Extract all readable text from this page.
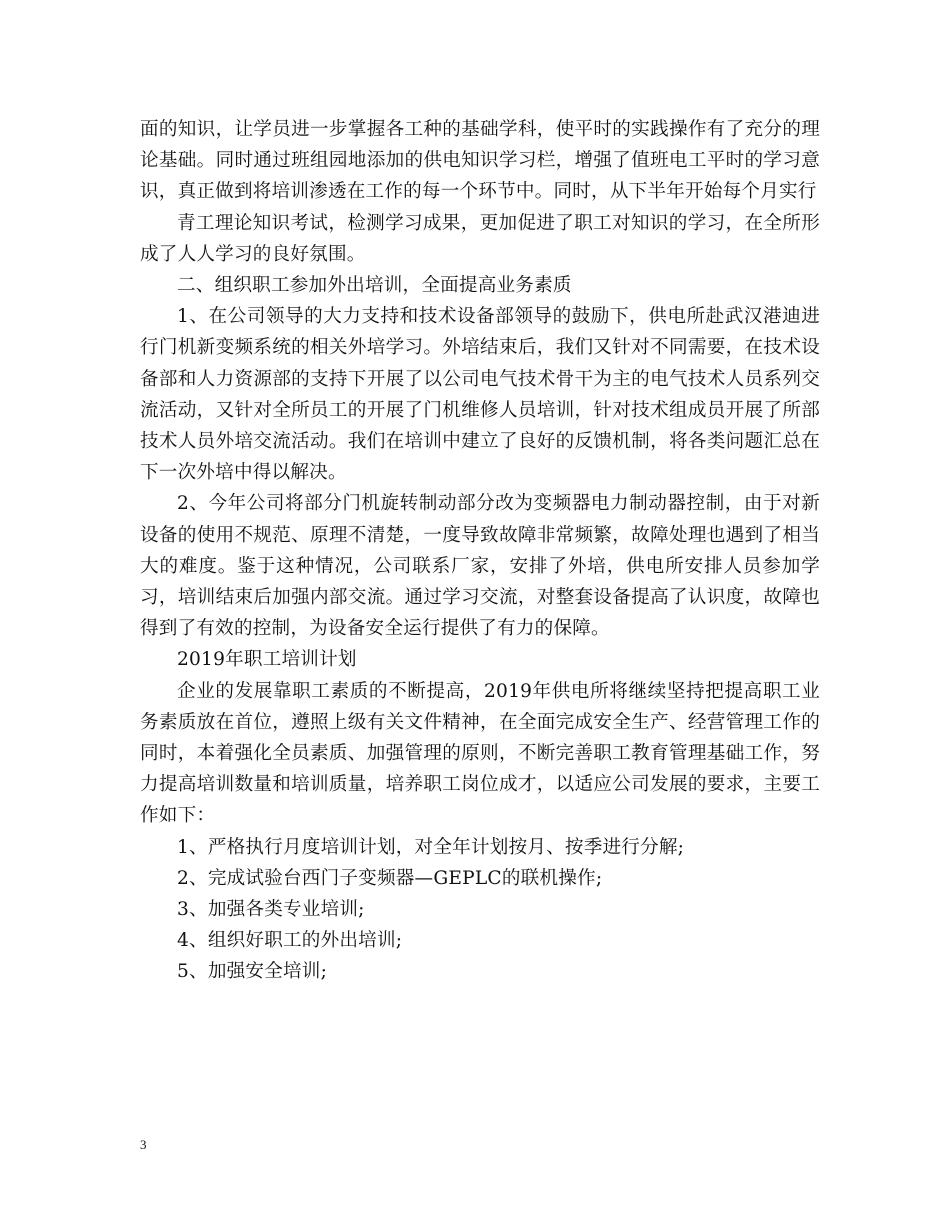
面的知识，让学员进一步掌握各工种的基础学科，使平时的实践操作有了充分的理论基础。同时通过班组园地添加的供电知识学习栏，增强了值班电工平时的学习意识，真正做到将培训渗透在工作的每一个环节中。同时，从下半年开始每个月实行

青工理论知识考试，检测学习成果，更加促进了职工对知识的学习，在全所形成了人人学习的良好氛围。

二、组织职工参加外出培训，全面提高业务素质

1、在公司领导的大力支持和技术设备部领导的鼓励下，供电所赴武汉港迪进行门机新变频系统的相关外培学习。外培结束后，我们又针对不同需要，在技术设备部和人力资源部的支持下开展了以公司电气技术骨干为主的电气技术人员系列交流活动，又针对全所员工的开展了门机维修人员培训，针对技术组成员开展了所部技术人员外培交流活动。我们在培训中建立了良好的反馈机制，将各类问题汇总在下一次外培中得以解决。

2、今年公司将部分门机旋转制动部分改为变频器电力制动器控制，由于对新设备的使用不规范、原理不清楚，一度导致故障非常频繁，故障处理也遇到了相当大的难度。鉴于这种情况，公司联系厂家，安排了外培，供电所安排人员参加学习，培训结束后加强内部交流。通过学习交流，对整套设备提高了认识度，故障也得到了有效的控制，为设备安全运行提供了有力的保障。

2019年职工培训计划

企业的发展靠职工素质的不断提高，2019年供电所将继续坚持把提高职工业务素质放在首位，遵照上级有关文件精神，在全面完成安全生产、经营管理工作的同时，本着强化全员素质、加强管理的原则，不断完善职工教育管理基础工作，努力提高培训数量和培训质量，培养职工岗位成才，以适应公司发展的要求，主要工作如下：

1、严格执行月度培训计划，对全年计划按月、按季进行分解;

2、完成试验台西门子变频器—GEPLC的联机操作;

3、加强各类专业培训;

4、组织好职工的外出培训;

5、加强安全培训;

3
